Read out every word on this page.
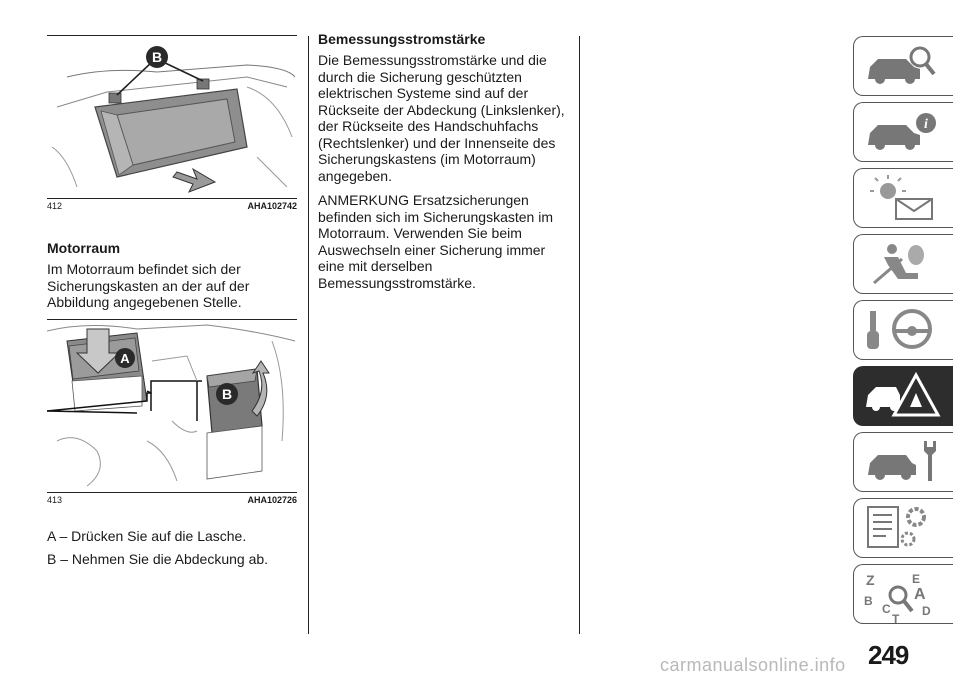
B
412	AHA102742

Motorraum

Im Motorraum befindet sich der Sicherungskasten an der auf der Abbildung angegebenen Stelle.

A
B
413	AHA102726

A – Drücken Sie auf die Lasche.

B – Nehmen Sie die Abdeckung ab.

Bemessungsstromstärke

Die Bemessungsstromstärke und die durch die Sicherung geschützten elektrischen Systeme sind auf der Rückseite der Abdeckung (Linkslenker), der Rückseite des Handschuhfachs (Rechtslenker) und der Innenseite des Sicherungskastens (im Motorraum) angegeben.

ANMERKUNG Ersatzsicherungen befinden sich im Sicherungskasten im Motorraum. Verwenden Sie beim Auswechseln einer Sicherung immer eine mit derselben Bemessungsstromstärke.

i
Z	E
A
B
C	D
T
249
carmanualsonline.info
